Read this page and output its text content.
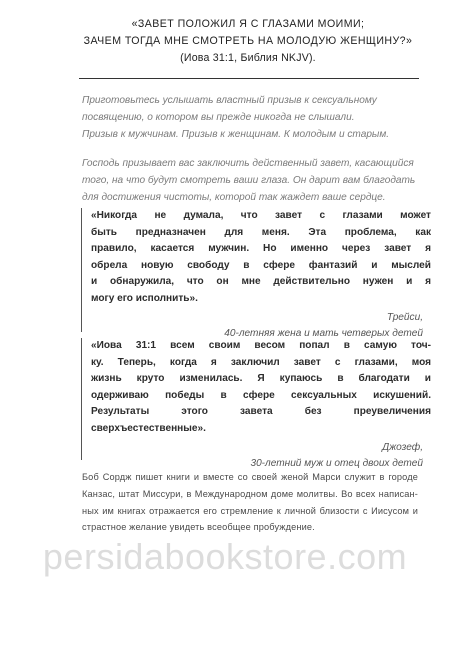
«ЗАВЕТ ПОЛОЖИЛ Я С ГЛАЗАМИ МОИМИ;
ЗАЧЕМ ТОГДА МНЕ СМОТРЕТЬ НА МОЛОДУЮ ЖЕНЩИНУ?»
(Иова 31:1, Библия NKJV).
Приготовьтесь услышать властный призыв к сексуальному
посвящению, о котором вы прежде никогда не слышали.
Призыв к мужчинам. Призыв к женщинам. К молодым и старым.
Господь призывает вас заключить действенный завет, касающийся
того, на что будут смотреть ваши глаза. Он дарит вам благодать
для достижения чистоты, которой так жаждет ваше сердце.
«Никогда не думала, что завет с глазами может
быть предназначен для меня. Эта проблема, как
правило, касается мужчин. Но именно через завет я
обрела новую свободу в сфере фантазий и мыслей
и обнаружила, что он мне действительно нужен и я
могу его исполнить».
Трейси,
40-летняя жена и мать четверых детей
«Иова 31:1 всем своим весом попал в самую точ-
ку. Теперь, когда я заключил завет с глазами, моя
жизнь круто изменилась. Я купаюсь в благодати и
одерживаю победы в сфере сексуальных искушений.
Результаты этого завета без преувеличения
сверхъестественные».
Джозеф,
30-летний муж и отец двоих детей
Боб Сордж пишет книги и вместе со своей женой Марси служит в городе
Канзас, штат Миссури, в Международном доме молитвы. Во всех написан-
ных им книгах отражается его стремление к личной близости с Иисусом и
страстное желание увидеть всеобщее пробуждение.
persidabookstore.com
